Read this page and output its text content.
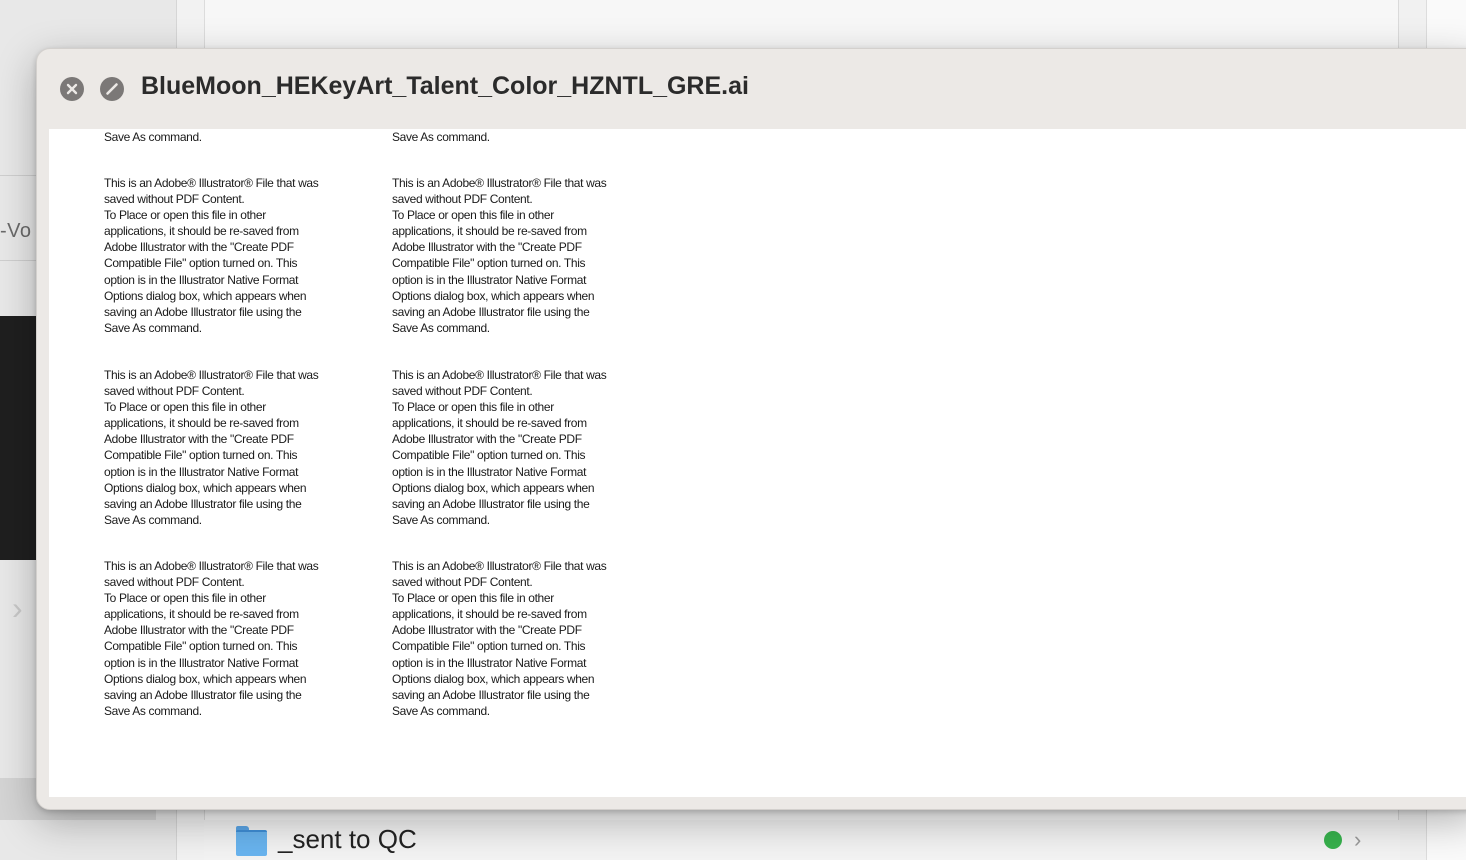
-Vo
›
_sent to QC	›
BlueMoon_HEKeyArt_Talent_Color_HZNTL_GRE.ai

Save As command.	Save As command.

This is an Adobe® Illustrator® File that was

saved without PDF Content.

To Place or open this file in other

applications, it should be re-saved from

Adobe Illustrator with the "Create PDF

Compatible File" option turned on. This

option is in the Illustrator Native Format

Options dialog box, which appears when

saving an Adobe Illustrator file using the

Save As command.

This is an Adobe® Illustrator® File that was

saved without PDF Content.

To Place or open this file in other

applications, it should be re-saved from

Adobe Illustrator with the "Create PDF

Compatible File" option turned on. This

option is in the Illustrator Native Format

Options dialog box, which appears when

saving an Adobe Illustrator file using the

Save As command.

This is an Adobe® Illustrator® File that was

saved without PDF Content.

To Place or open this file in other

applications, it should be re-saved from

Adobe Illustrator with the "Create PDF

Compatible File" option turned on. This

option is in the Illustrator Native Format

Options dialog box, which appears when

saving an Adobe Illustrator file using the

Save As command.

This is an Adobe® Illustrator® File that was

saved without PDF Content.

To Place or open this file in other

applications, it should be re-saved from

Adobe Illustrator with the "Create PDF

Compatible File" option turned on. This

option is in the Illustrator Native Format

Options dialog box, which appears when

saving an Adobe Illustrator file using the

Save As command.

This is an Adobe® Illustrator® File that was

saved without PDF Content.

To Place or open this file in other

applications, it should be re-saved from

Adobe Illustrator with the "Create PDF

Compatible File" option turned on. This

option is in the Illustrator Native Format

Options dialog box, which appears when

saving an Adobe Illustrator file using the

Save As command.

This is an Adobe® Illustrator® File that was

saved without PDF Content.

To Place or open this file in other

applications, it should be re-saved from

Adobe Illustrator with the "Create PDF

Compatible File" option turned on. This

option is in the Illustrator Native Format

Options dialog box, which appears when

saving an Adobe Illustrator file using the

Save As command.
